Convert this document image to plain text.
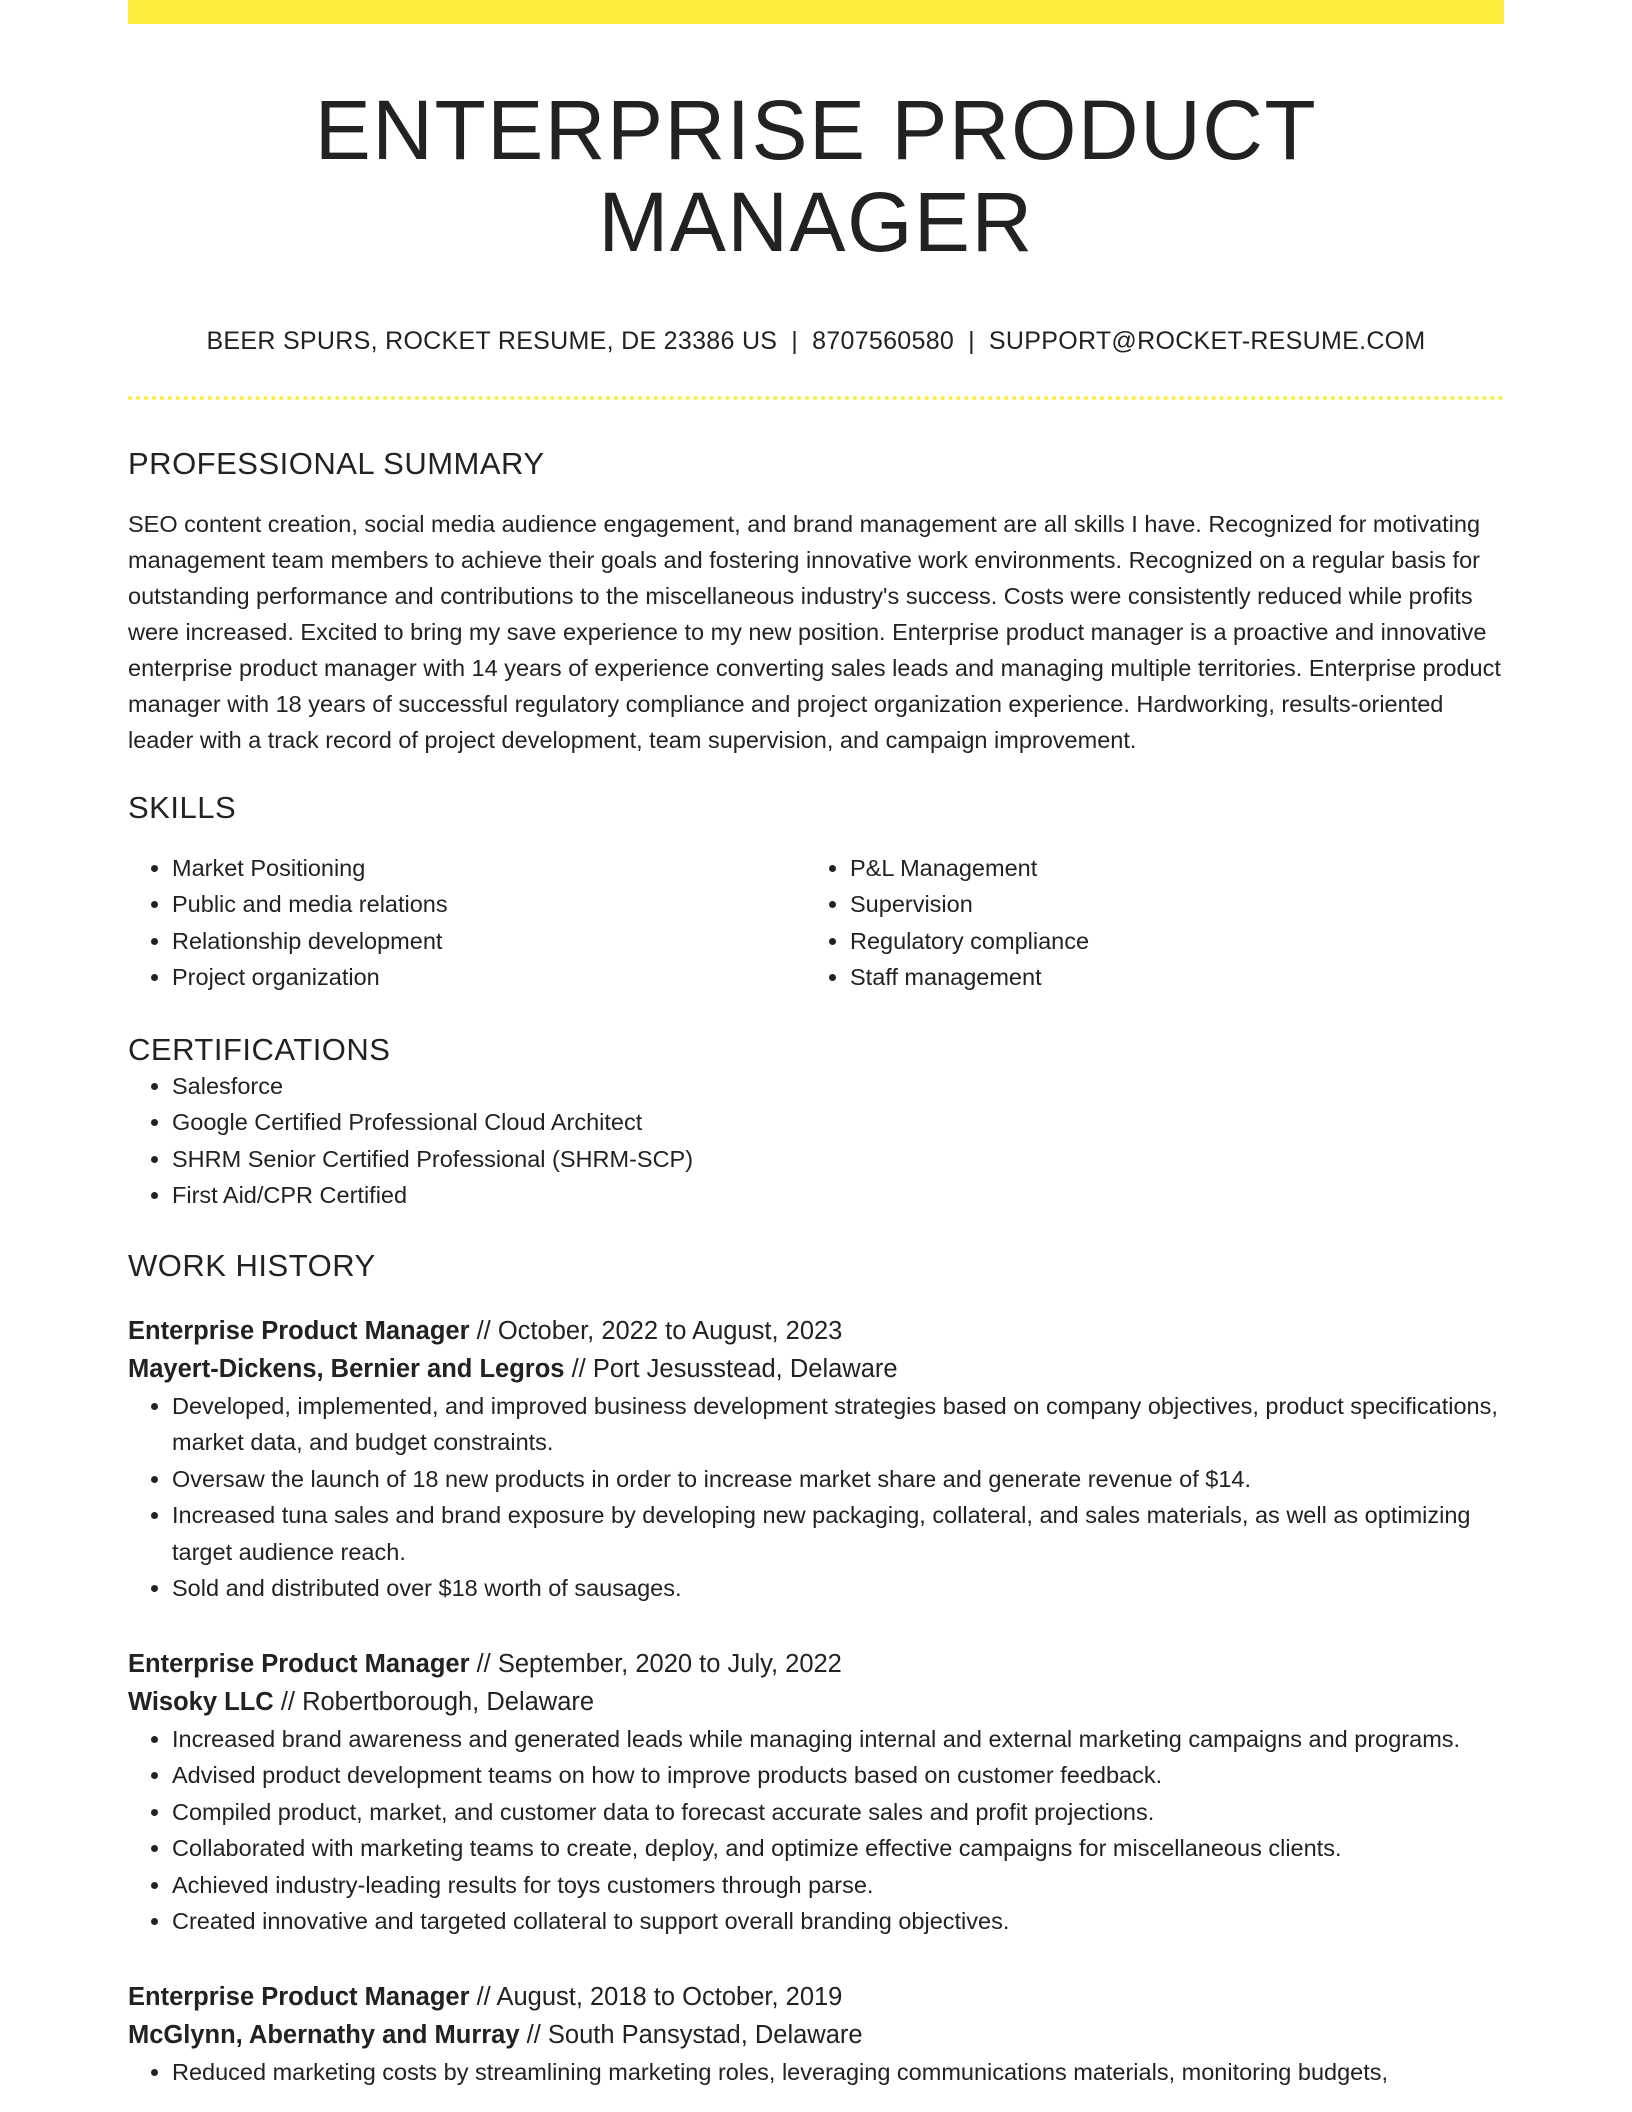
ENTERPRISE PRODUCT MANAGER
BEER SPURS, ROCKET RESUME, DE 23386 US | 8707560580 | SUPPORT@ROCKET-RESUME.COM
PROFESSIONAL SUMMARY
SEO content creation, social media audience engagement, and brand management are all skills I have. Recognized for motivating management team members to achieve their goals and fostering innovative work environments. Recognized on a regular basis for outstanding performance and contributions to the miscellaneous industry's success. Costs were consistently reduced while profits were increased. Excited to bring my save experience to my new position. Enterprise product manager is a proactive and innovative enterprise product manager with 14 years of experience converting sales leads and managing multiple territories. Enterprise product manager with 18 years of successful regulatory compliance and project organization experience. Hardworking, results-oriented leader with a track record of project development, team supervision, and campaign improvement.
SKILLS
• Market Positioning
• Public and media relations
• Relationship development
• Project organization
• P&L Management
• Supervision
• Regulatory compliance
• Staff management
CERTIFICATIONS
• Salesforce
• Google Certified Professional Cloud Architect
• SHRM Senior Certified Professional (SHRM-SCP)
• First Aid/CPR Certified
WORK HISTORY
Enterprise Product Manager // October, 2022 to August, 2023
Mayert-Dickens, Bernier and Legros // Port Jesusstead, Delaware
• Developed, implemented, and improved business development strategies based on company objectives, product specifications, market data, and budget constraints.
• Oversaw the launch of 18 new products in order to increase market share and generate revenue of $14.
• Increased tuna sales and brand exposure by developing new packaging, collateral, and sales materials, as well as optimizing target audience reach.
• Sold and distributed over $18 worth of sausages.
Enterprise Product Manager // September, 2020 to July, 2022
Wisoky LLC // Robertborough, Delaware
• Increased brand awareness and generated leads while managing internal and external marketing campaigns and programs.
• Advised product development teams on how to improve products based on customer feedback.
• Compiled product, market, and customer data to forecast accurate sales and profit projections.
• Collaborated with marketing teams to create, deploy, and optimize effective campaigns for miscellaneous clients.
• Achieved industry-leading results for toys customers through parse.
• Created innovative and targeted collateral to support overall branding objectives.
Enterprise Product Manager // August, 2018 to October, 2019
McGlynn, Abernathy and Murray // South Pansystad, Delaware
• Reduced marketing costs by streamlining marketing roles, leveraging communications materials, monitoring budgets,
